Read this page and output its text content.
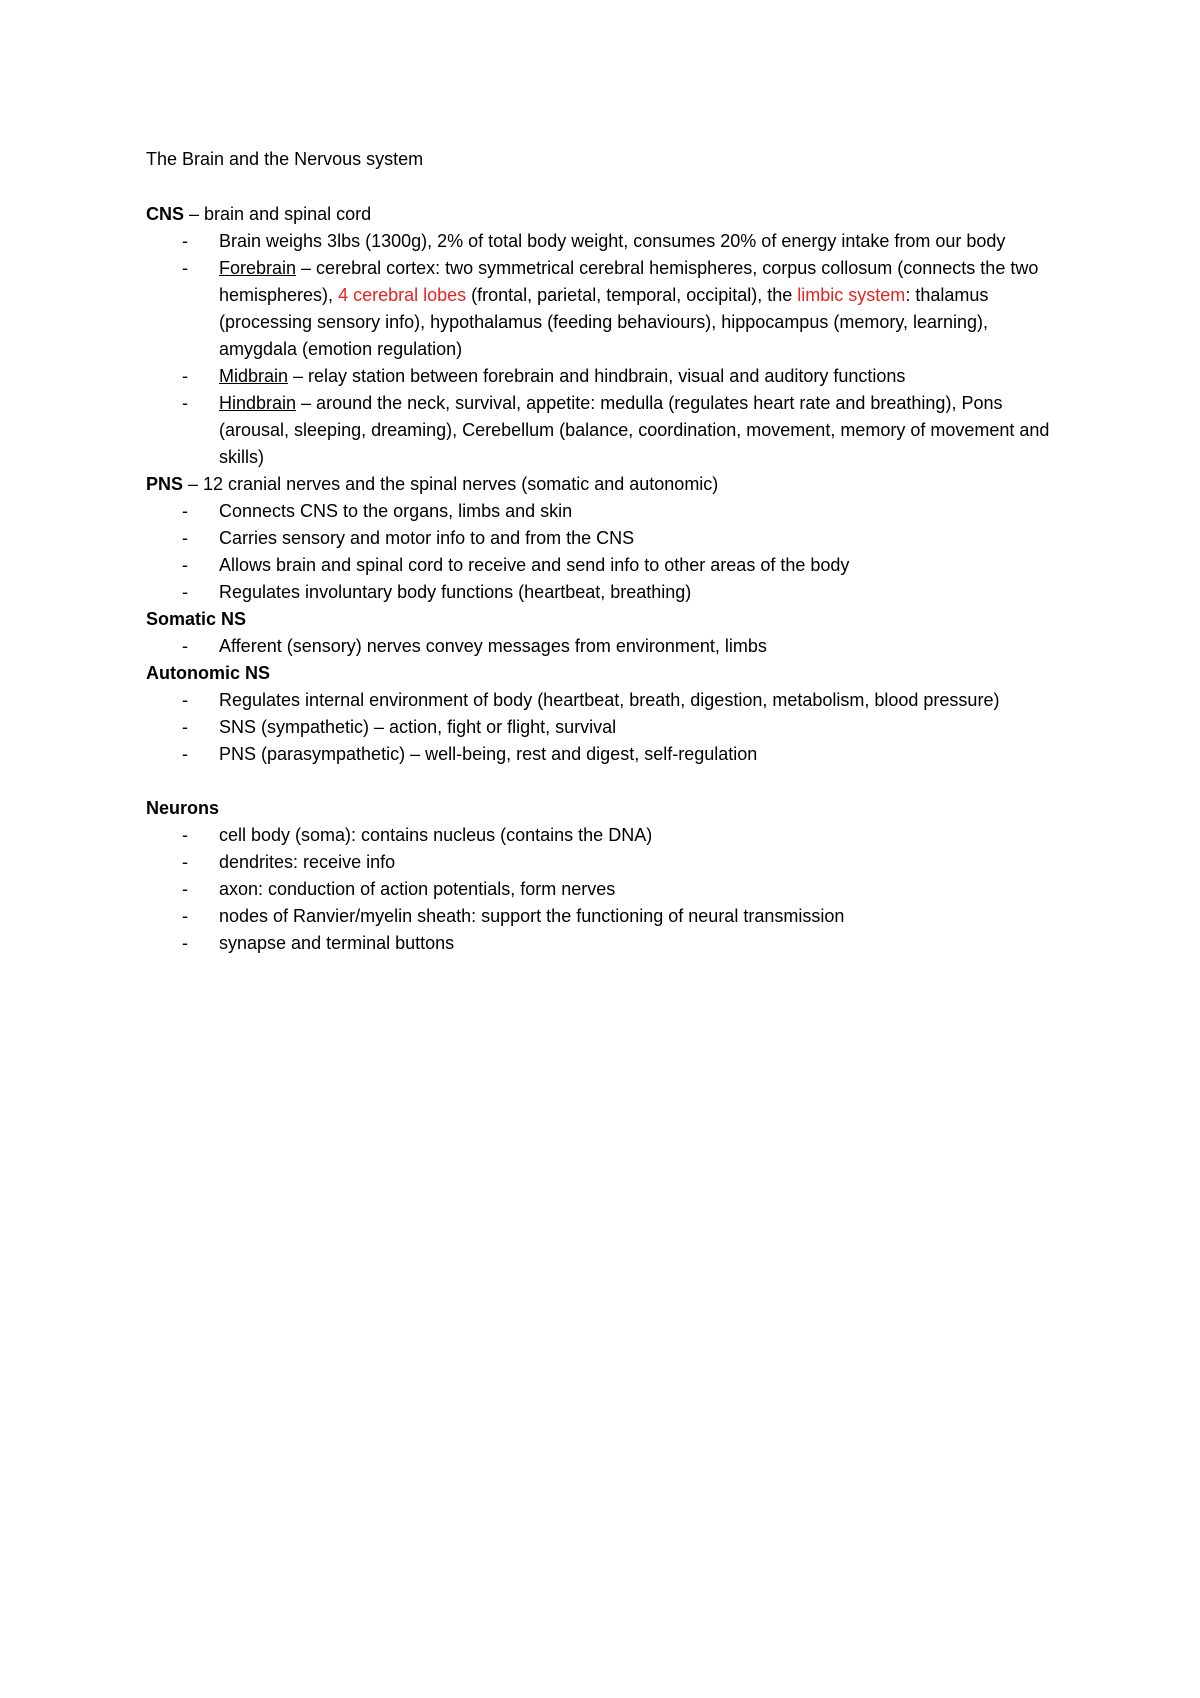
The Brain and the Nervous system

CNS – brain and spinal cord

- Brain weighs 3lbs (1300g), 2% of total body weight, consumes 20% of energy intake from our body
- Forebrain – cerebral cortex: two symmetrical cerebral hemispheres, corpus collosum (connects the two hemispheres), 4 cerebral lobes (frontal, parietal, temporal, occipital), the limbic system: thalamus (processing sensory info), hypothalamus (feeding behaviours), hippocampus (memory, learning), amygdala (emotion regulation)
- Midbrain – relay station between forebrain and hindbrain, visual and auditory functions
- Hindbrain – around the neck, survival, appetite: medulla (regulates heart rate and breathing), Pons (arousal, sleeping, dreaming), Cerebellum (balance, coordination, movement, memory of movement and skills)

PNS – 12 cranial nerves and the spinal nerves (somatic and autonomic)

- Connects CNS to the organs, limbs and skin
- Carries sensory and motor info to and from the CNS
- Allows brain and spinal cord to receive and send info to other areas of the body
- Regulates involuntary body functions (heartbeat, breathing)

Somatic NS

- Afferent (sensory) nerves convey messages from environment, limbs

Autonomic NS

- Regulates internal environment of body (heartbeat, breath, digestion, metabolism, blood pressure)
- SNS (sympathetic) – action, fight or flight, survival
- PNS (parasympathetic) – well-being, rest and digest, self-regulation

Neurons

- cell body (soma): contains nucleus (contains the DNA)
- dendrites: receive info
- axon: conduction of action potentials, form nerves
- nodes of Ranvier/myelin sheath: support the functioning of neural transmission
- synapse and terminal buttons
